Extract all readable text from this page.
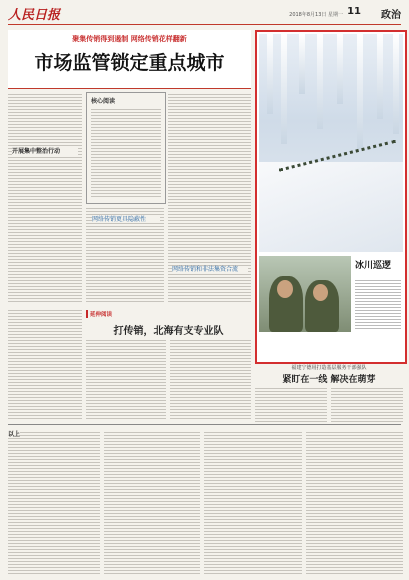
人民日报	2018年8月13日 星期一 11	政治
聚集传销得到遏制 网络传销花样翻新
市场监管锁定重点城市
核心阅读
开展集中整治行动
网络传销更具隐蔽性
网络传销和非法集资合流
延伸阅读
打传销，北海有支专业队
冰川巡逻
福建宁德用打造基层服务干部强队
紧盯在一线 解决在萌芽
以上
